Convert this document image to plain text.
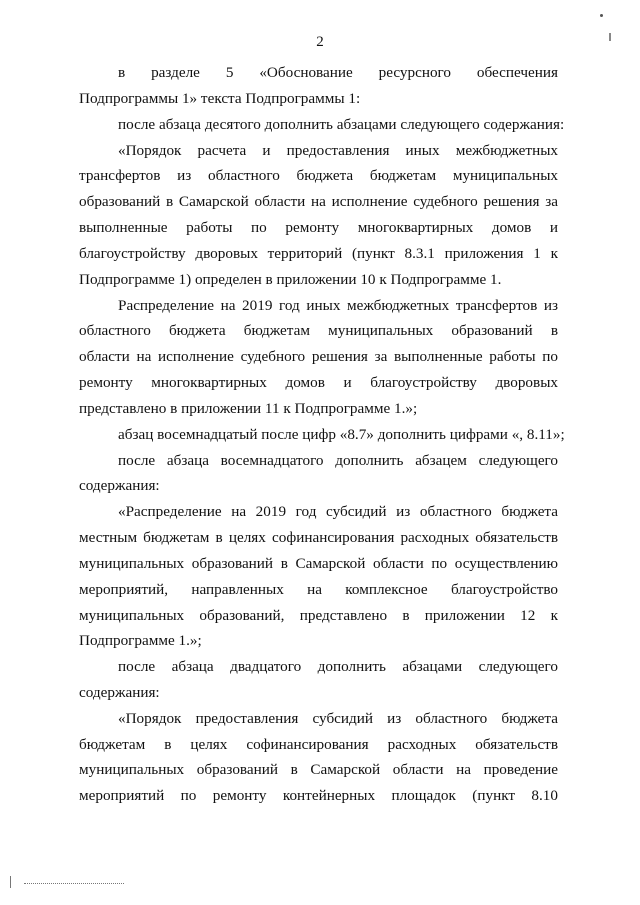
2
в разделе 5 «Обоснование ресурсного обеспечения
Подпрограммы 1» текста Подпрограммы 1:
после абзаца десятого дополнить абзацами следующего содержания:
«Порядок расчета и предоставления иных межбюджетных
трансфертов из областного бюджета бюджетам муниципальных
образований в Самарской области на исполнение судебного решения за
выполненные работы по ремонту многоквартирных домов и
благоустройству дворовых территорий (пункт 8.3.1 приложения 1 к
Подпрограмме 1) определен в приложении 10 к Подпрограмме 1.
Распределение на 2019 год иных межбюджетных трансфертов из
областного бюджета бюджетам муниципальных образований в
области на исполнение судебного решения за выполненные работы по
ремонту многоквартирных домов и благоустройству дворовых
представлено в приложении 11 к Подпрограмме 1.»;
абзац восемнадцатый после цифр «8.7» дополнить цифрами «, 8.11»;
после абзаца восемнадцатого дополнить абзацем следующего
содержания:
«Распределение на 2019 год субсидий из областного бюджета
местным бюджетам в целях софинансирования расходных обязательств
муниципальных образований в Самарской области по осуществлению
мероприятий, направленных на комплексное благоустройство
муниципальных образований, представлено в приложении 12 к
Подпрограмме 1.»;
после абзаца двадцатого дополнить абзацами следующего
содержания:
«Порядок предоставления субсидий из областного бюджета
бюджетам в целях софинансирования расходных обязательств
муниципальных образований в Самарской области на проведение
мероприятий по ремонту контейнерных площадок (пункт 8.10
